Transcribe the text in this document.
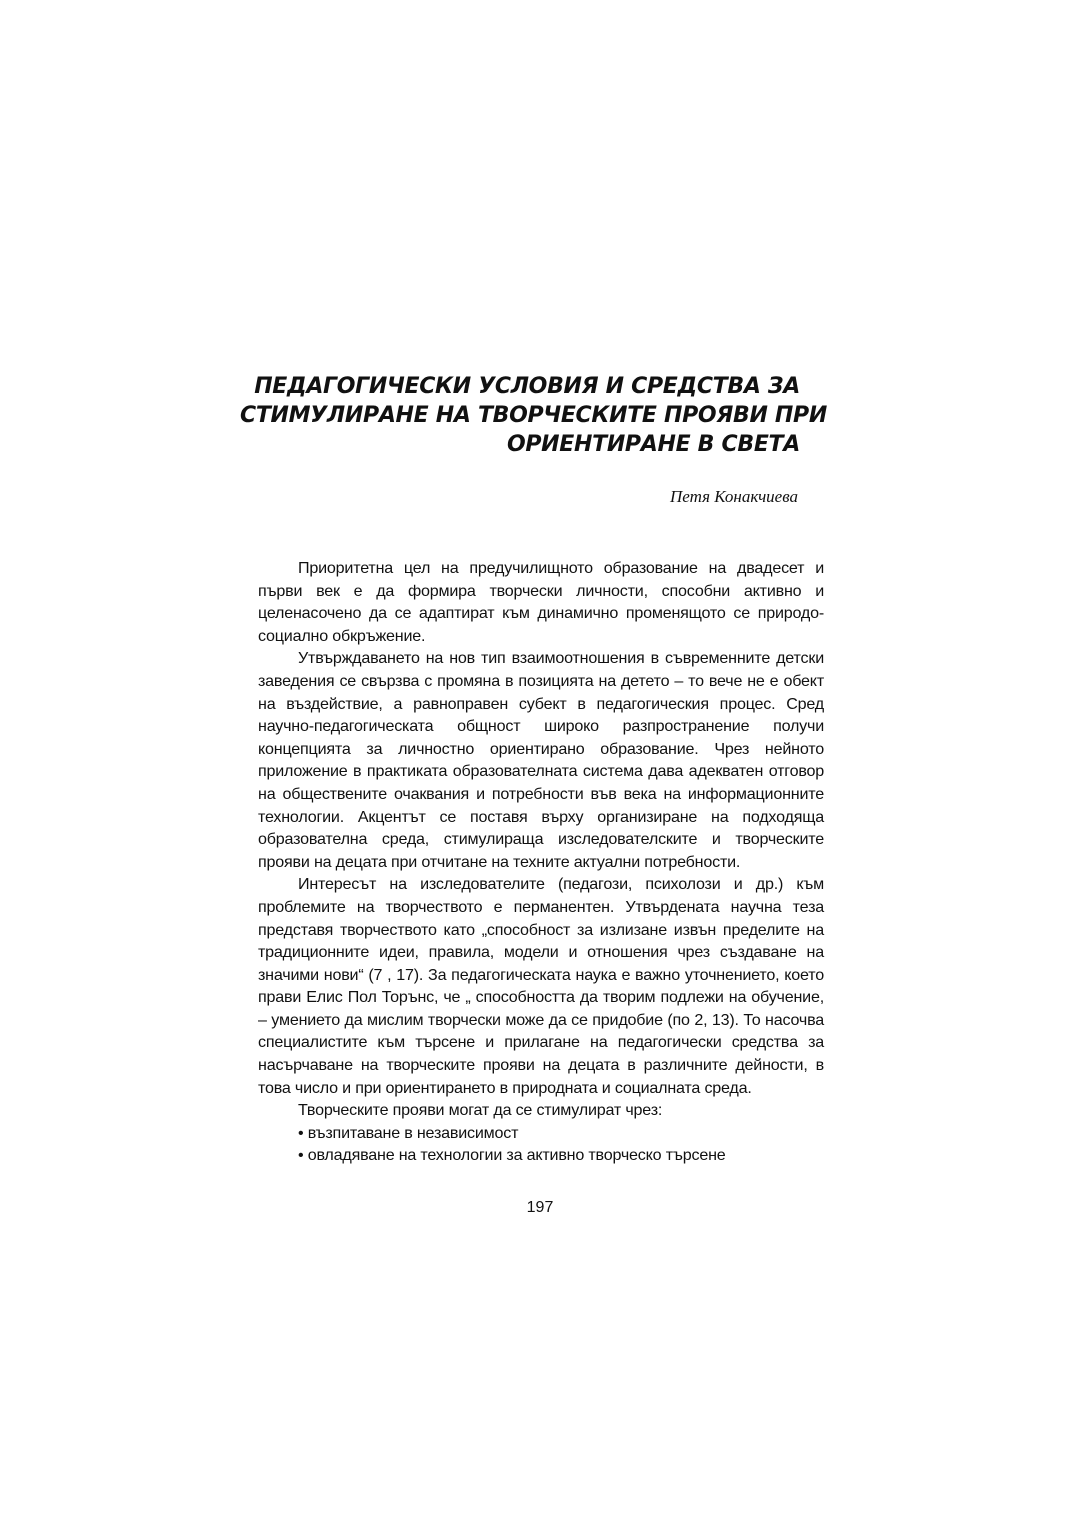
ПЕДАГОГИЧЕСКИ УСЛОВИЯ И СРЕДСТВА ЗА
СТИМУЛИРАНЕ НА ТВОРЧЕСКИТЕ ПРОЯВИ ПРИ
ОРИЕНТИРАНЕ В СВЕТА
Петя Конакчиева

Приоритетна цел на предучилищното образование на двадесет и първи век е да формира творчески личности, способни активно и целенасочено да се адаптират към динамично променящото се природо-социално обкръжение.

Утвърждаването на нов тип взаимоотношения в съвременните детски заведения се свързва с промяна в позицията на детето – то вече не е обект на въздействие, а равноправен субект в педагогическия процес. Сред научно-педагогическата общност широко разпространение получи концепцията за личностно ориентирано образование. Чрез нейното приложение в практиката образователната система дава адекватен отговор на обществените очаквания и потребности във века на информационните технологии. Акцентът се поставя върху организиране на подходяща образователна среда, стимулираща изследователските и творческите прояви на децата при отчитане на техните актуални потребности.

Интересът на изследователите (педагози, психолози и др.) към проблемите на творчеството е перманентен. Утвърдената научна теза представя творчеството като „способност за излизане извън пределите на традиционните идеи, правила, модели и отношения чрез създаване на значими нови“ (7 , 17). За педагогическата наука е важно уточнението, което прави Елис Пол Торънс, че „ способността да творим подлежи на обучение, – умението да мислим творчески може да се придобие (по 2, 13). То насочва специалистите към търсене и прилагане на педагогически средства за насърчаване на творческите прояви на децата в различните дейности, в това число и при ориентирането в природната и социалната среда.

Творческите прояви могат да се стимулират чрез:

• възпитаване в независимост
• овладяване на технологии за активно творческо търсене
197
